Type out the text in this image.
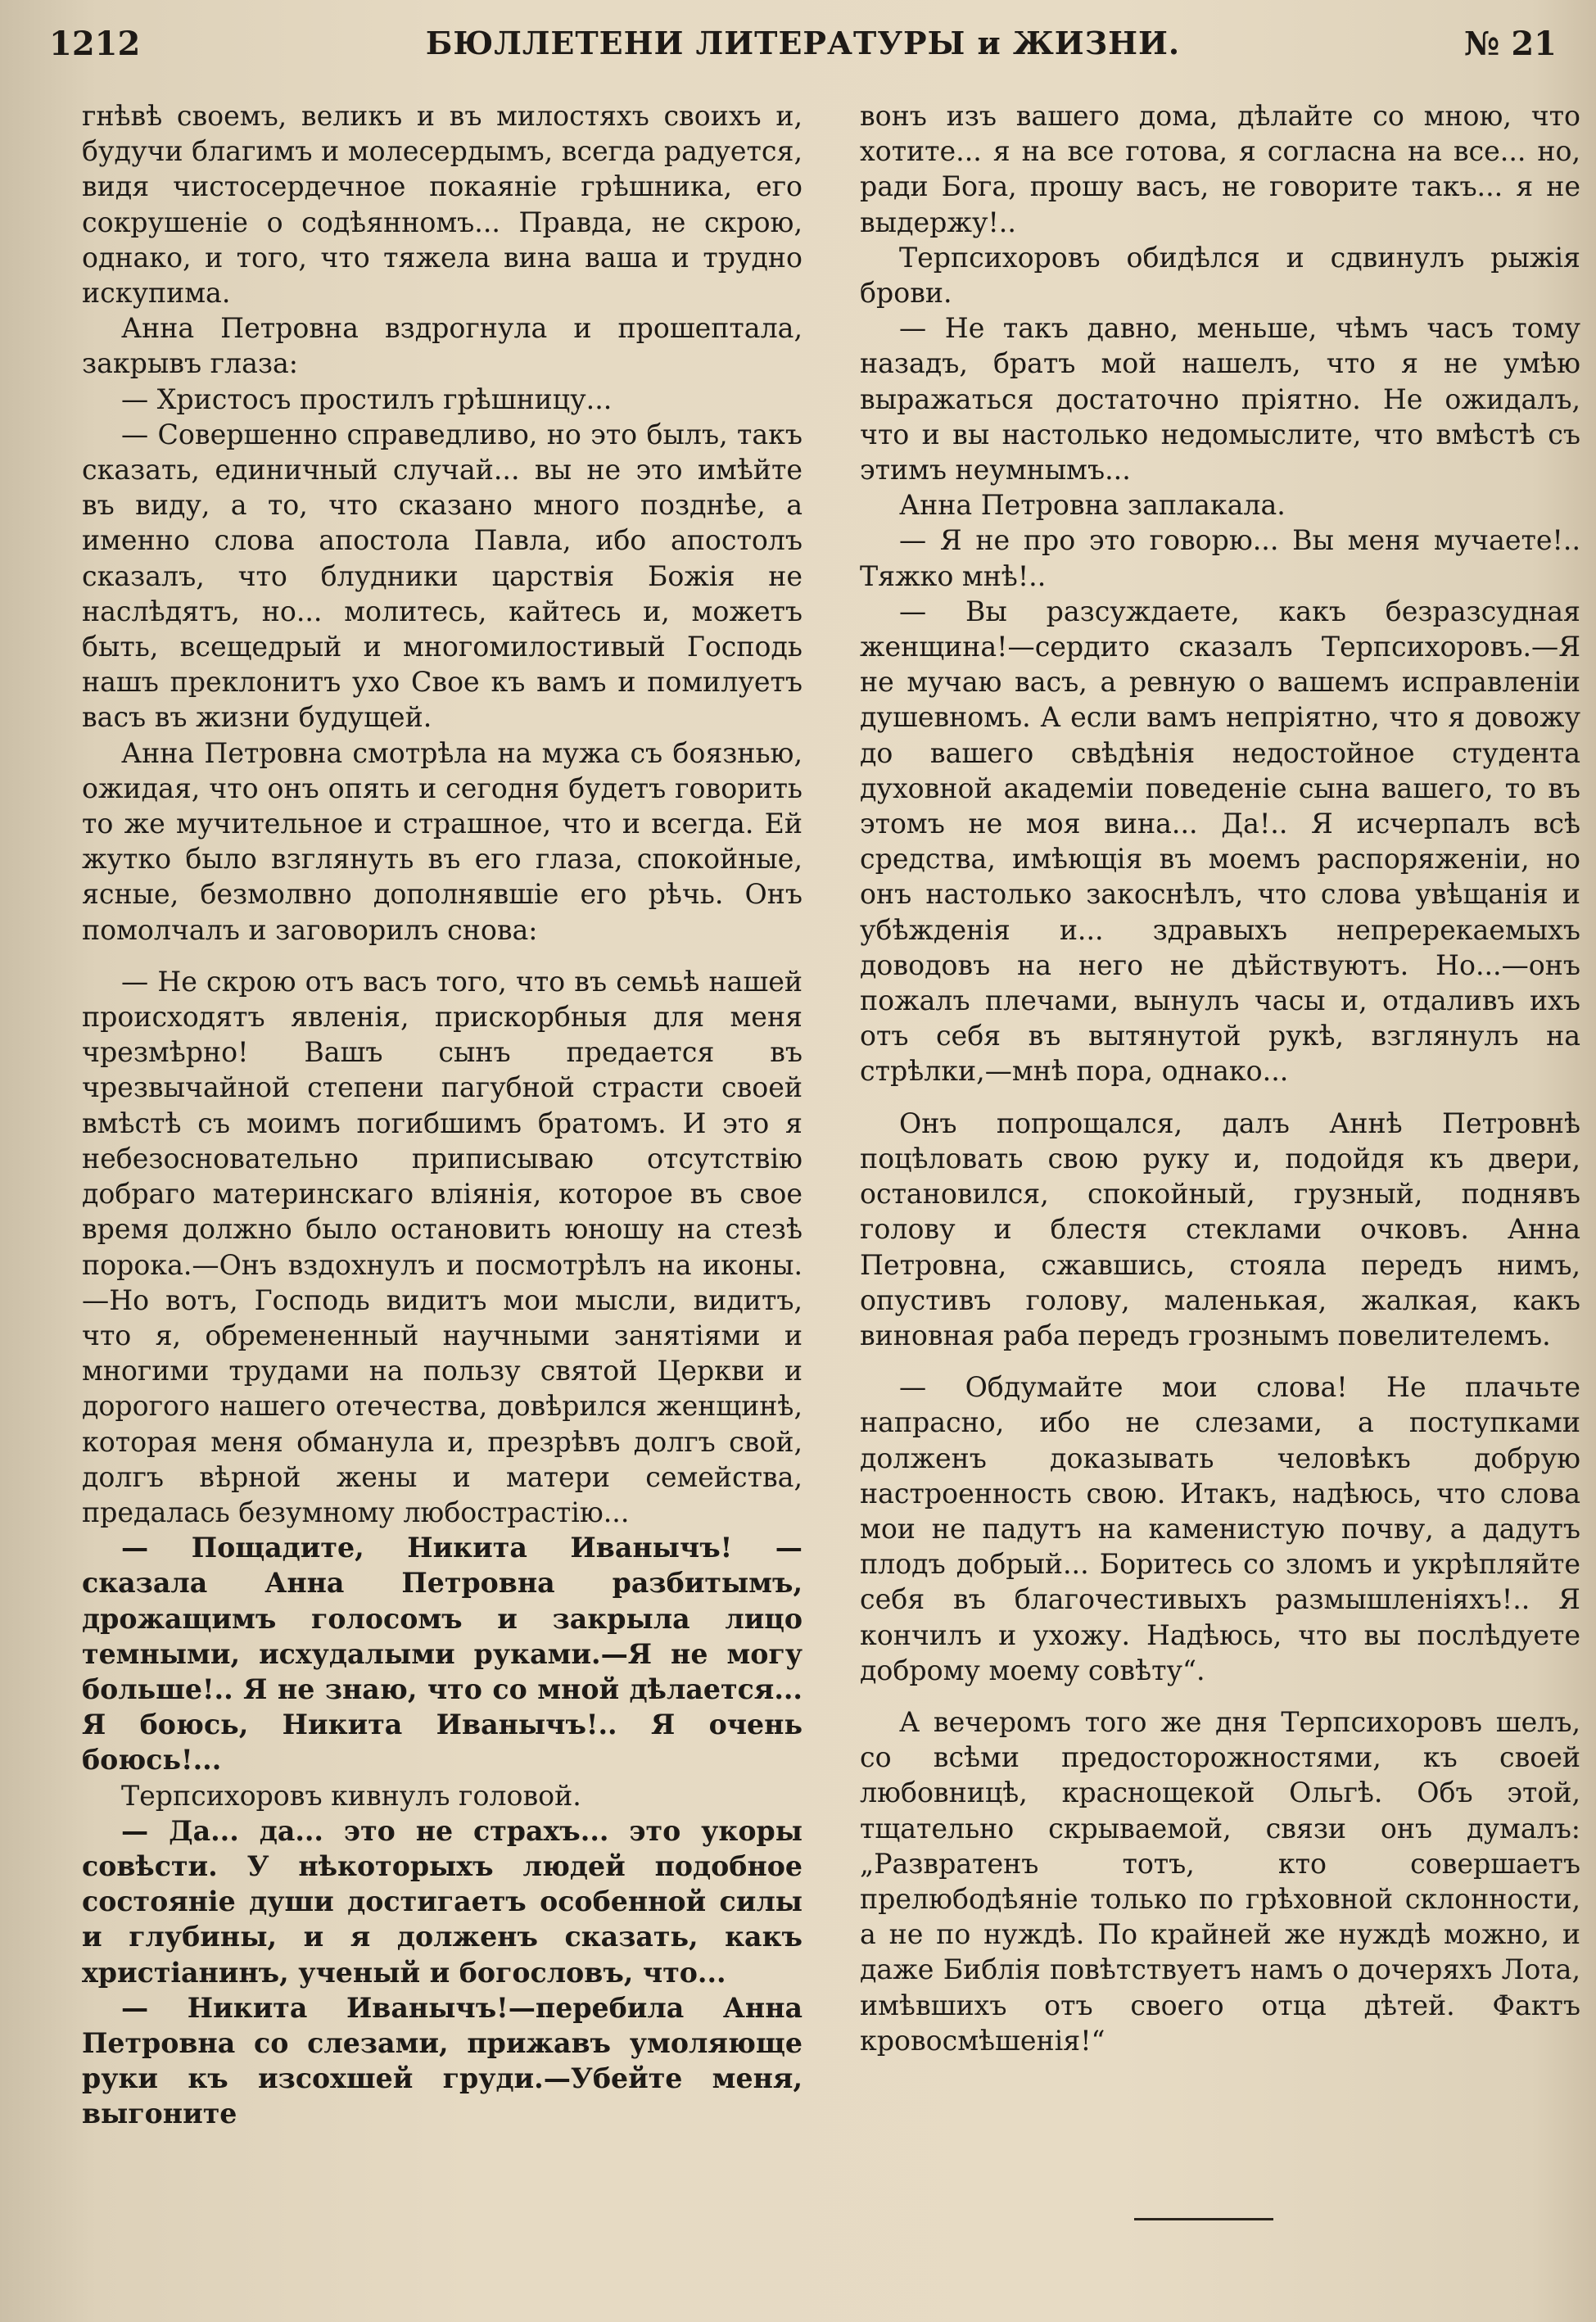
1212	БЮЛЛЕТЕНИ ЛИТЕРАТУРЫ и ЖИЗНИ.	№ 21

гнѣвѣ своемъ, великъ и въ милостяхъ своихъ и, будучи благимъ и молесердымъ, всегда радуется, видя чистосердечное покаяніе грѣшника, его сокрушеніе о содѣянномъ... Правда, не скрою, однако, и того, что тяжела вина ваша и трудно искупима.

Анна Петровна вздрогнула и прошептала, закрывъ глаза:

— Христосъ простилъ грѣшницу...

— Совершенно справедливо, но это былъ, такъ сказать, единичный случай... вы не это имѣйте въ виду, а то, что сказано много позднѣе, а именно слова апостола Павла, ибо апостолъ сказалъ, что блудники царствія Божія не наслѣдятъ, но... молитесь, кайтесь и, можетъ быть, всещедрый и многомилостивый Господь нашъ преклонитъ ухо Свое къ вамъ и помилуетъ васъ въ жизни будущей.

Анна Петровна смотрѣла на мужа съ боязнью, ожидая, что онъ опять и сегодня будетъ говорить то же мучительное и страшное, что и всегда. Ей жутко было взглянуть въ его глаза, спокойные, ясные, безмолвно дополнявшіе его рѣчь. Онъ помолчалъ и заговорилъ снова:

— Не скрою отъ васъ того, что въ семьѣ нашей происходятъ явленія, прискорбныя для меня чрезмѣрно! Вашъ сынъ предается въ чрезвычайной степени пагубной страсти своей вмѣстѣ съ моимъ погибшимъ братомъ. И это я небезосновательно приписываю отсутствію добраго материнскаго вліянія, которое въ свое время должно было остановить юношу на стезѣ порока.—Онъ вздохнулъ и посмотрѣлъ на иконы.—Но вотъ, Господь видитъ мои мысли, видитъ, что я, обремененный научными занятіями и многими трудами на пользу святой Церкви и дорогого нашего отечества, довѣрился женщинѣ, которая меня обманула и, презрѣвъ долгъ свой, долгъ вѣрной жены и матери семейства, предалась безумному любострастію...

— Пощадите, Никита Иванычъ! — сказала Анна Петровна разбитымъ, дрожащимъ голосомъ и закрыла лицо темными, исхудалыми руками.—Я не могу больше!.. Я не знаю, что со мной дѣлается... Я боюсь, Никита Иванычъ!.. Я очень боюсь!...

Терпсихоровъ кивнулъ головой.

— Да... да... это не страхъ... это укоры совѣсти. У нѣкоторыхъ людей подобное состояніе души достигаетъ особенной силы и глубины, и я долженъ сказать, какъ христіанинъ, ученый и богословъ, что...

— Никита Иванычъ!—перебила Анна Петровна со слезами, прижавъ умоляюще руки къ изсохшей груди.—Убейте меня, выгоните

вонъ изъ вашего дома, дѣлайте со мною, что хотите... я на все готова, я согласна на все... но, ради Бога, прошу васъ, не говорите такъ... я не выдержу!..

Терпсихоровъ обидѣлся и сдвинулъ рыжія брови.

— Не такъ давно, меньше, чѣмъ часъ тому назадъ, братъ мой нашелъ, что я не умѣю выражаться достаточно пріятно. Не ожидалъ, что и вы настолько недомыслите, что вмѣстѣ съ этимъ неумнымъ...

Анна Петровна заплакала.

— Я не про это говорю... Вы меня мучаете!.. Тяжко мнѣ!..

— Вы разсуждаете, какъ безразсудная женщина!—сердито сказалъ Терпсихоровъ.—Я не мучаю васъ, а ревную о вашемъ исправленіи душевномъ. А если вамъ непріятно, что я довожу до вашего свѣдѣнія недостойное студента духовной академіи поведеніе сына вашего, то въ этомъ не моя вина... Да!.. Я исчерпалъ всѣ средства, имѣющія въ моемъ распоряженіи, но онъ настолько закоснѣлъ, что слова увѣщанія и убѣжденія и... здравыхъ непререкаемыхъ доводовъ на него не дѣйствуютъ. Но...—онъ пожалъ плечами, вынулъ часы и, отдаливъ ихъ отъ себя въ вытянутой рукѣ, взглянулъ на стрѣлки,—мнѣ пора, однако...

Онъ попрощался, далъ Аннѣ Петровнѣ поцѣловать свою руку и, подойдя къ двери, остановился, спокойный, грузный, поднявъ голову и блестя стеклами очковъ. Анна Петровна, сжавшись, стояла передъ нимъ, опустивъ голову, маленькая, жалкая, какъ виновная раба передъ грознымъ повелителемъ.

— Обдумайте мои слова! Не плачьте напрасно, ибо не слезами, а поступками долженъ доказывать человѣкъ добрую настроенность свою. Итакъ, надѣюсь, что слова мои не падутъ на каменистую почву, а дадутъ плодъ добрый... Боритесь со зломъ и укрѣпляйте себя въ благочестивыхъ размышленіяхъ!.. Я кончилъ и ухожу. Надѣюсь, что вы послѣдуете доброму моему совѣту“.

А вечеромъ того же дня Терпсихоровъ шелъ, со всѣми предосторожностями, къ своей любовницѣ, краснощекой Ольгѣ. Объ этой, тщательно скрываемой, связи онъ думалъ: „Развратенъ тотъ, кто совершаетъ прелюбодѣяніе только по грѣховной склонности, а не по нуждѣ. По крайней же нуждѣ можно, и даже Библія повѣтствуетъ намъ о дочеряхъ Лота, имѣвшихъ отъ своего отца дѣтей. Фактъ кровосмѣшенія!“
